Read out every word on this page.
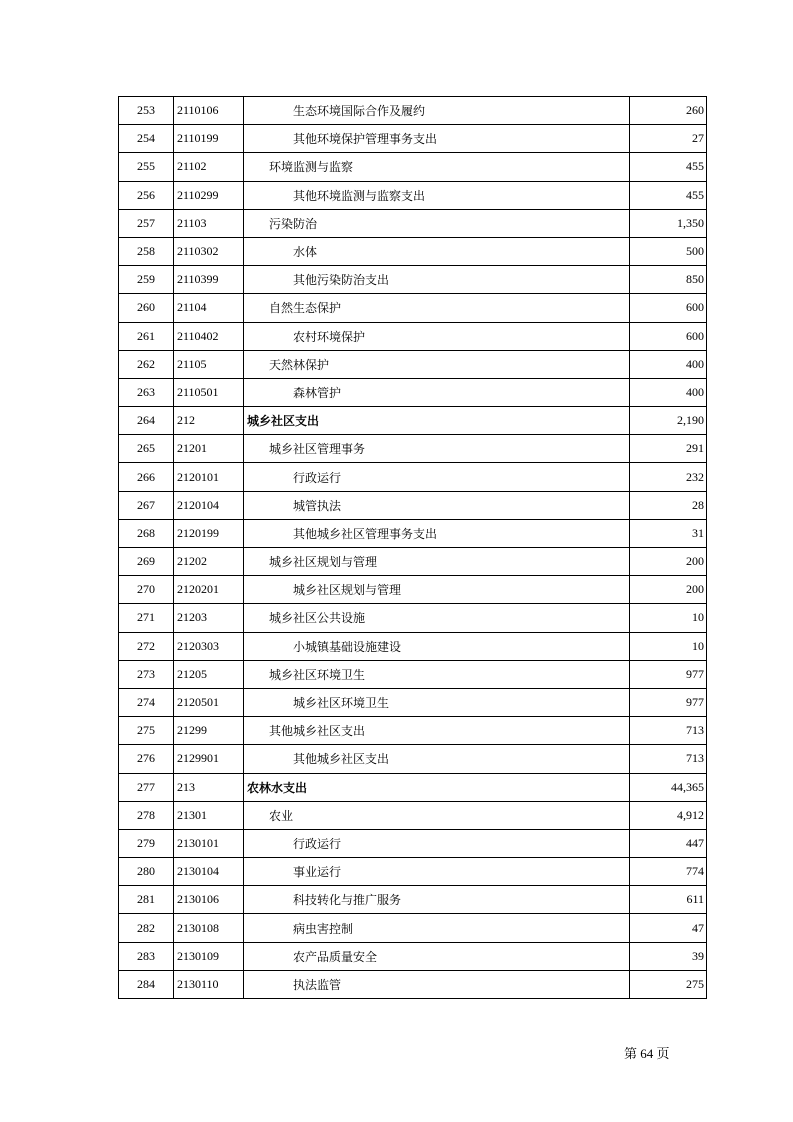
253	2110106	生态环境国际合作及履约	260
254	2110199	其他环境保护管理事务支出	27
255	21102	环境监测与监察	455
256	2110299	其他环境监测与监察支出	455
257	21103	污染防治	1,350
258	2110302	水体	500
259	2110399	其他污染防治支出	850
260	21104	自然生态保护	600
261	2110402	农村环境保护	600
262	21105	天然林保护	400
263	2110501	森林管护	400
264	212	城乡社区支出	2,190
265	21201	城乡社区管理事务	291
266	2120101	行政运行	232
267	2120104	城管执法	28
268	2120199	其他城乡社区管理事务支出	31
269	21202	城乡社区规划与管理	200
270	2120201	城乡社区规划与管理	200
271	21203	城乡社区公共设施	10
272	2120303	小城镇基础设施建设	10
273	21205	城乡社区环境卫生	977
274	2120501	城乡社区环境卫生	977
275	21299	其他城乡社区支出	713
276	2129901	其他城乡社区支出	713
277	213	农林水支出	44,365
278	21301	农业	4,912
279	2130101	行政运行	447
280	2130104	事业运行	774
281	2130106	科技转化与推广服务	611
282	2130108	病虫害控制	47
283	2130109	农产品质量安全	39
284	2130110	执法监管	275
第 64 页
